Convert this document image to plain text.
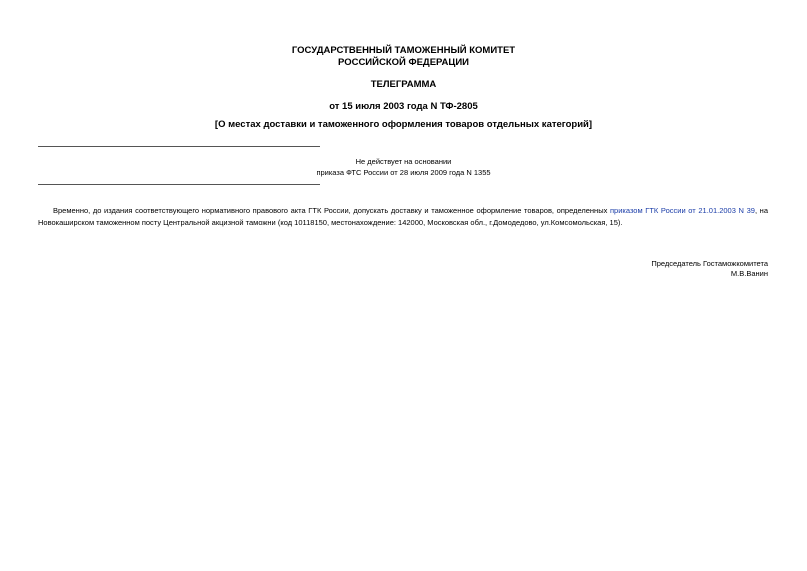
ГОСУДАРСТВЕННЫЙ ТАМОЖЕННЫЙ КОМИТЕТ
РОССИЙСКОЙ ФЕДЕРАЦИИ
ТЕЛЕГРАММА
от 15 июля 2003 года N ТФ-2805
[О местах доставки и таможенного оформления товаров отдельных категорий]
Не действует на основании
приказа ФТС России от 28 июля 2009 года N 1355

Временно, до издания соответствующего нормативного правового акта ГТК России, допускать доставку и таможенное оформление товаров, определенных приказом ГТК России от 21.01.2003 N 39, на Новокаширском таможенном посту Центральной акцизной таможни (код 10118150, местонахождение: 142000, Московская обл., г.Домодедово, ул.Комсомольская, 15).

Председатель Гостаможкомитета
М.В.Ванин
